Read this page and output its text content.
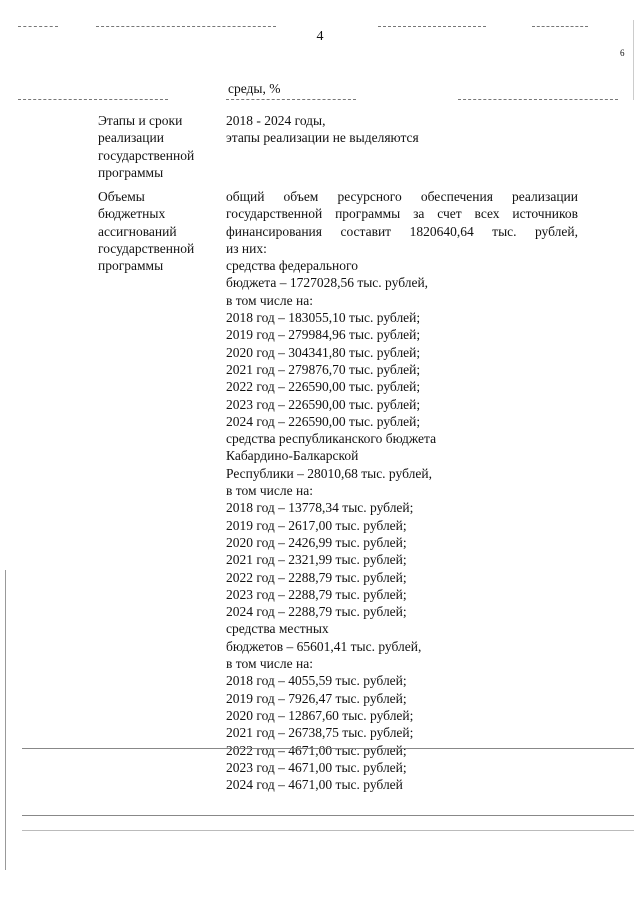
4
6
среды, %
Этапы и сроки
реализации
государственной
программы
2018 - 2024 годы,
этапы реализации не выделяются
Объемы
бюджетных
ассигнований
государственной
программы
общий объем ресурсного обеспечения реализации
государственной программы за счет всех источников
финансирования составит 1820640,64 тыс. рублей,
из них:
средства федерального
бюджета – 1727028,56 тыс. рублей,
в том числе на:
2018 год – 183055,10 тыс. рублей;
2019 год – 279984,96 тыс. рублей;
2020 год – 304341,80 тыс. рублей;
2021 год – 279876,70 тыс. рублей;
2022 год – 226590,00 тыс. рублей;
2023 год – 226590,00 тыс. рублей;
2024 год – 226590,00 тыс. рублей;
средства республиканского бюджета
Кабардино-Балкарской
Республики – 28010,68 тыс. рублей,
в том числе на:
2018 год – 13778,34 тыс. рублей;
2019 год – 2617,00 тыс. рублей;
2020 год – 2426,99 тыс. рублей;
2021 год – 2321,99 тыс. рублей;
2022 год – 2288,79 тыс. рублей;
2023 год – 2288,79 тыс. рублей;
2024 год – 2288,79 тыс. рублей;
средства местных
бюджетов – 65601,41 тыс. рублей,
в том числе на:
2018 год – 4055,59 тыс. рублей;
2019 год – 7926,47 тыс. рублей;
2020 год – 12867,60 тыс. рублей;
2021 год – 26738,75 тыс. рублей;
2022 год – 4671,00 тыс. рублей;
2023 год – 4671,00 тыс. рублей;
2024 год – 4671,00 тыс. рублей
